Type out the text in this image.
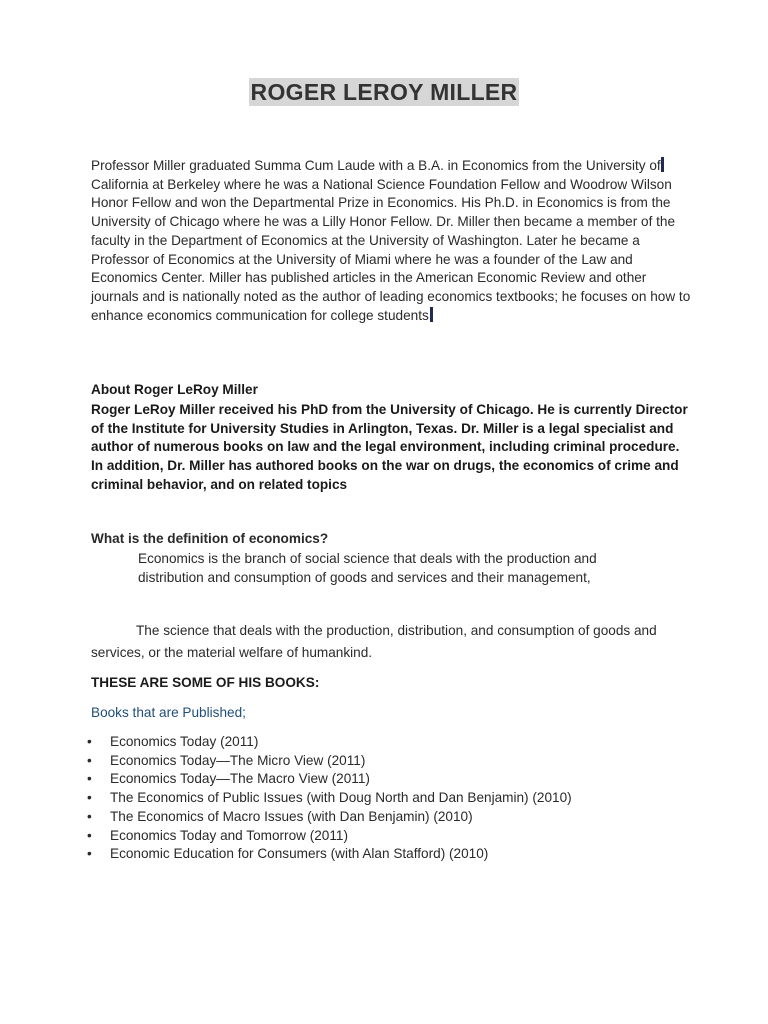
ROGER LEROY MILLER
Professor Miller graduated Summa Cum Laude with a B.A. in Economics from the University ofCalifornia at Berkeley where he was a National Science Foundation Fellow and Woodrow Wilson Honor Fellow and won the Departmental Prize in Economics. His Ph.D. in Economics is from the University of Chicago where he was a Lilly Honor Fellow. Dr. Miller then became a member of the faculty in the Department of Economics at the University of Washington. Later he became a Professor of Economics at the University of Miami where he was a founder of the Law and Economics Center. Miller has published articles in the American Economic Review and other journals and is nationally noted as the author of leading economics textbooks; he focuses on how to enhance economics communication for college students
About Roger LeRoy Miller
Roger LeRoy Miller received his PhD from the University of Chicago. He is currently Director of the Institute for University Studies in Arlington, Texas. Dr. Miller is a legal specialist and author of numerous books on law and the legal environment, including criminal procedure. In addition, Dr. Miller has authored books on the war on drugs, the economics of crime and criminal behavior, and on related topics
What is the definition of economics?
Economics is the branch of social science that deals with the production and distribution and consumption of goods and services and their management,
The science that deals with the production, distribution, and consumption of goods and services, or the material welfare of humankind.
THESE ARE SOME OF HIS BOOKS:
Books that are Published;
•	Economics Today (2011)
•	Economics Today—The Micro View (2011)
•	Economics Today—The Macro View (2011)
•	The Economics of Public Issues (with Doug North and Dan Benjamin) (2010)
•	The Economics of Macro Issues (with Dan Benjamin) (2010)
•	Economics Today and Tomorrow (2011)
•	Economic Education for Consumers (with Alan Stafford) (2010)
